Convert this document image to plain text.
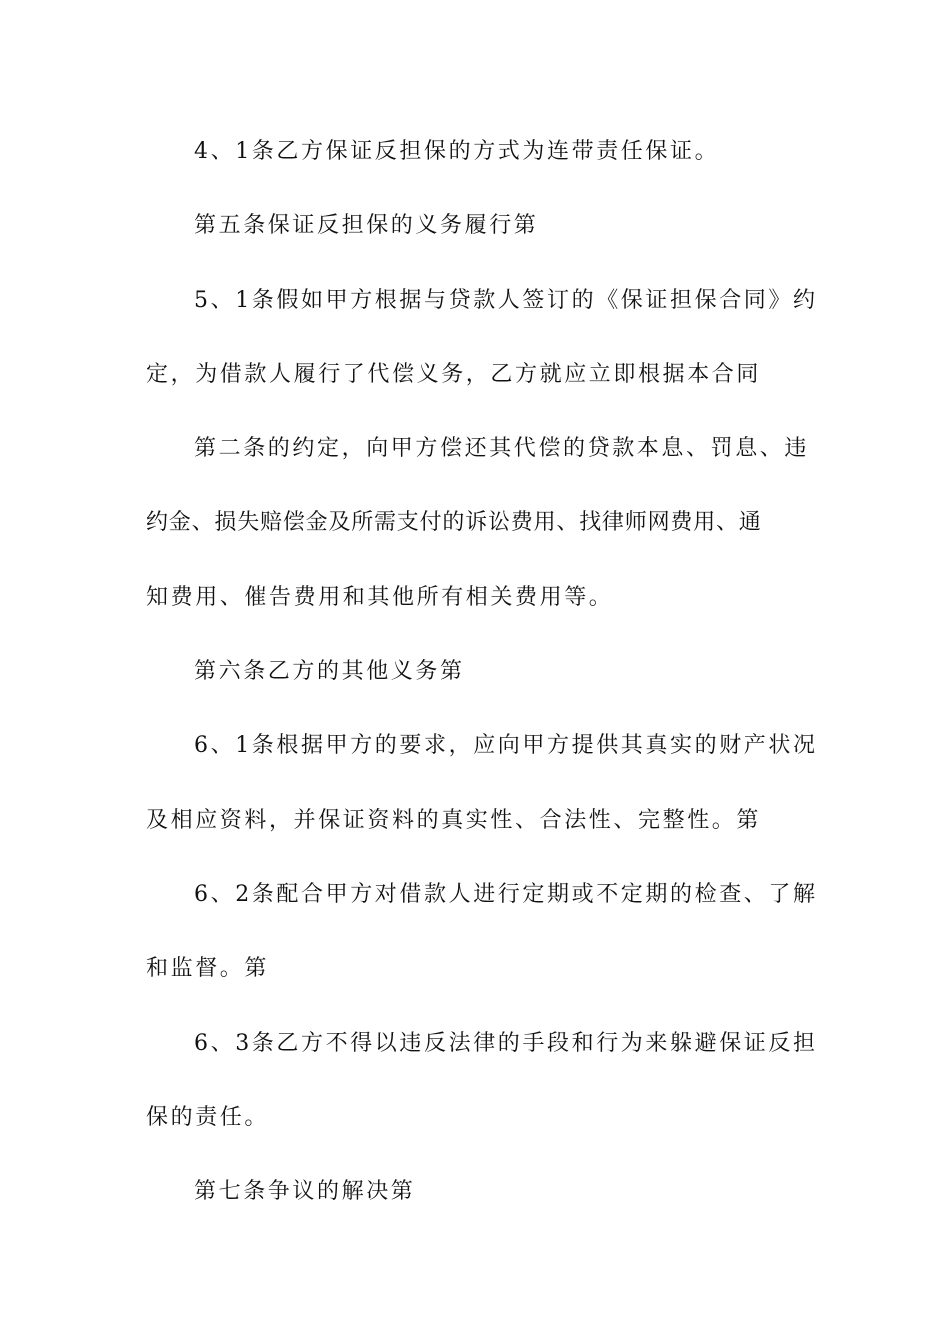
4、1条乙方保证反担保的方式为连带责任保证。
第五条保证反担保的义务履行第
5、1条假如甲方根据与贷款人签订的《保证担保合同》约
定，为借款人履行了代偿义务，乙方就应立即根据本合同
第二条的约定，向甲方偿还其代偿的贷款本息、罚息、违
约金、损失赔偿金及所需支付的诉讼费用、找律师网费用、通
知费用、催告费用和其他所有相关费用等。
第六条乙方的其他义务第
6、1条根据甲方的要求，应向甲方提供其真实的财产状况
及相应资料，并保证资料的真实性、合法性、完整性。第
6、2条配合甲方对借款人进行定期或不定期的检查、了解
和监督。第
6、3条乙方不得以违反法律的手段和行为来躲避保证反担
保的责任。
第七条争议的解决第
